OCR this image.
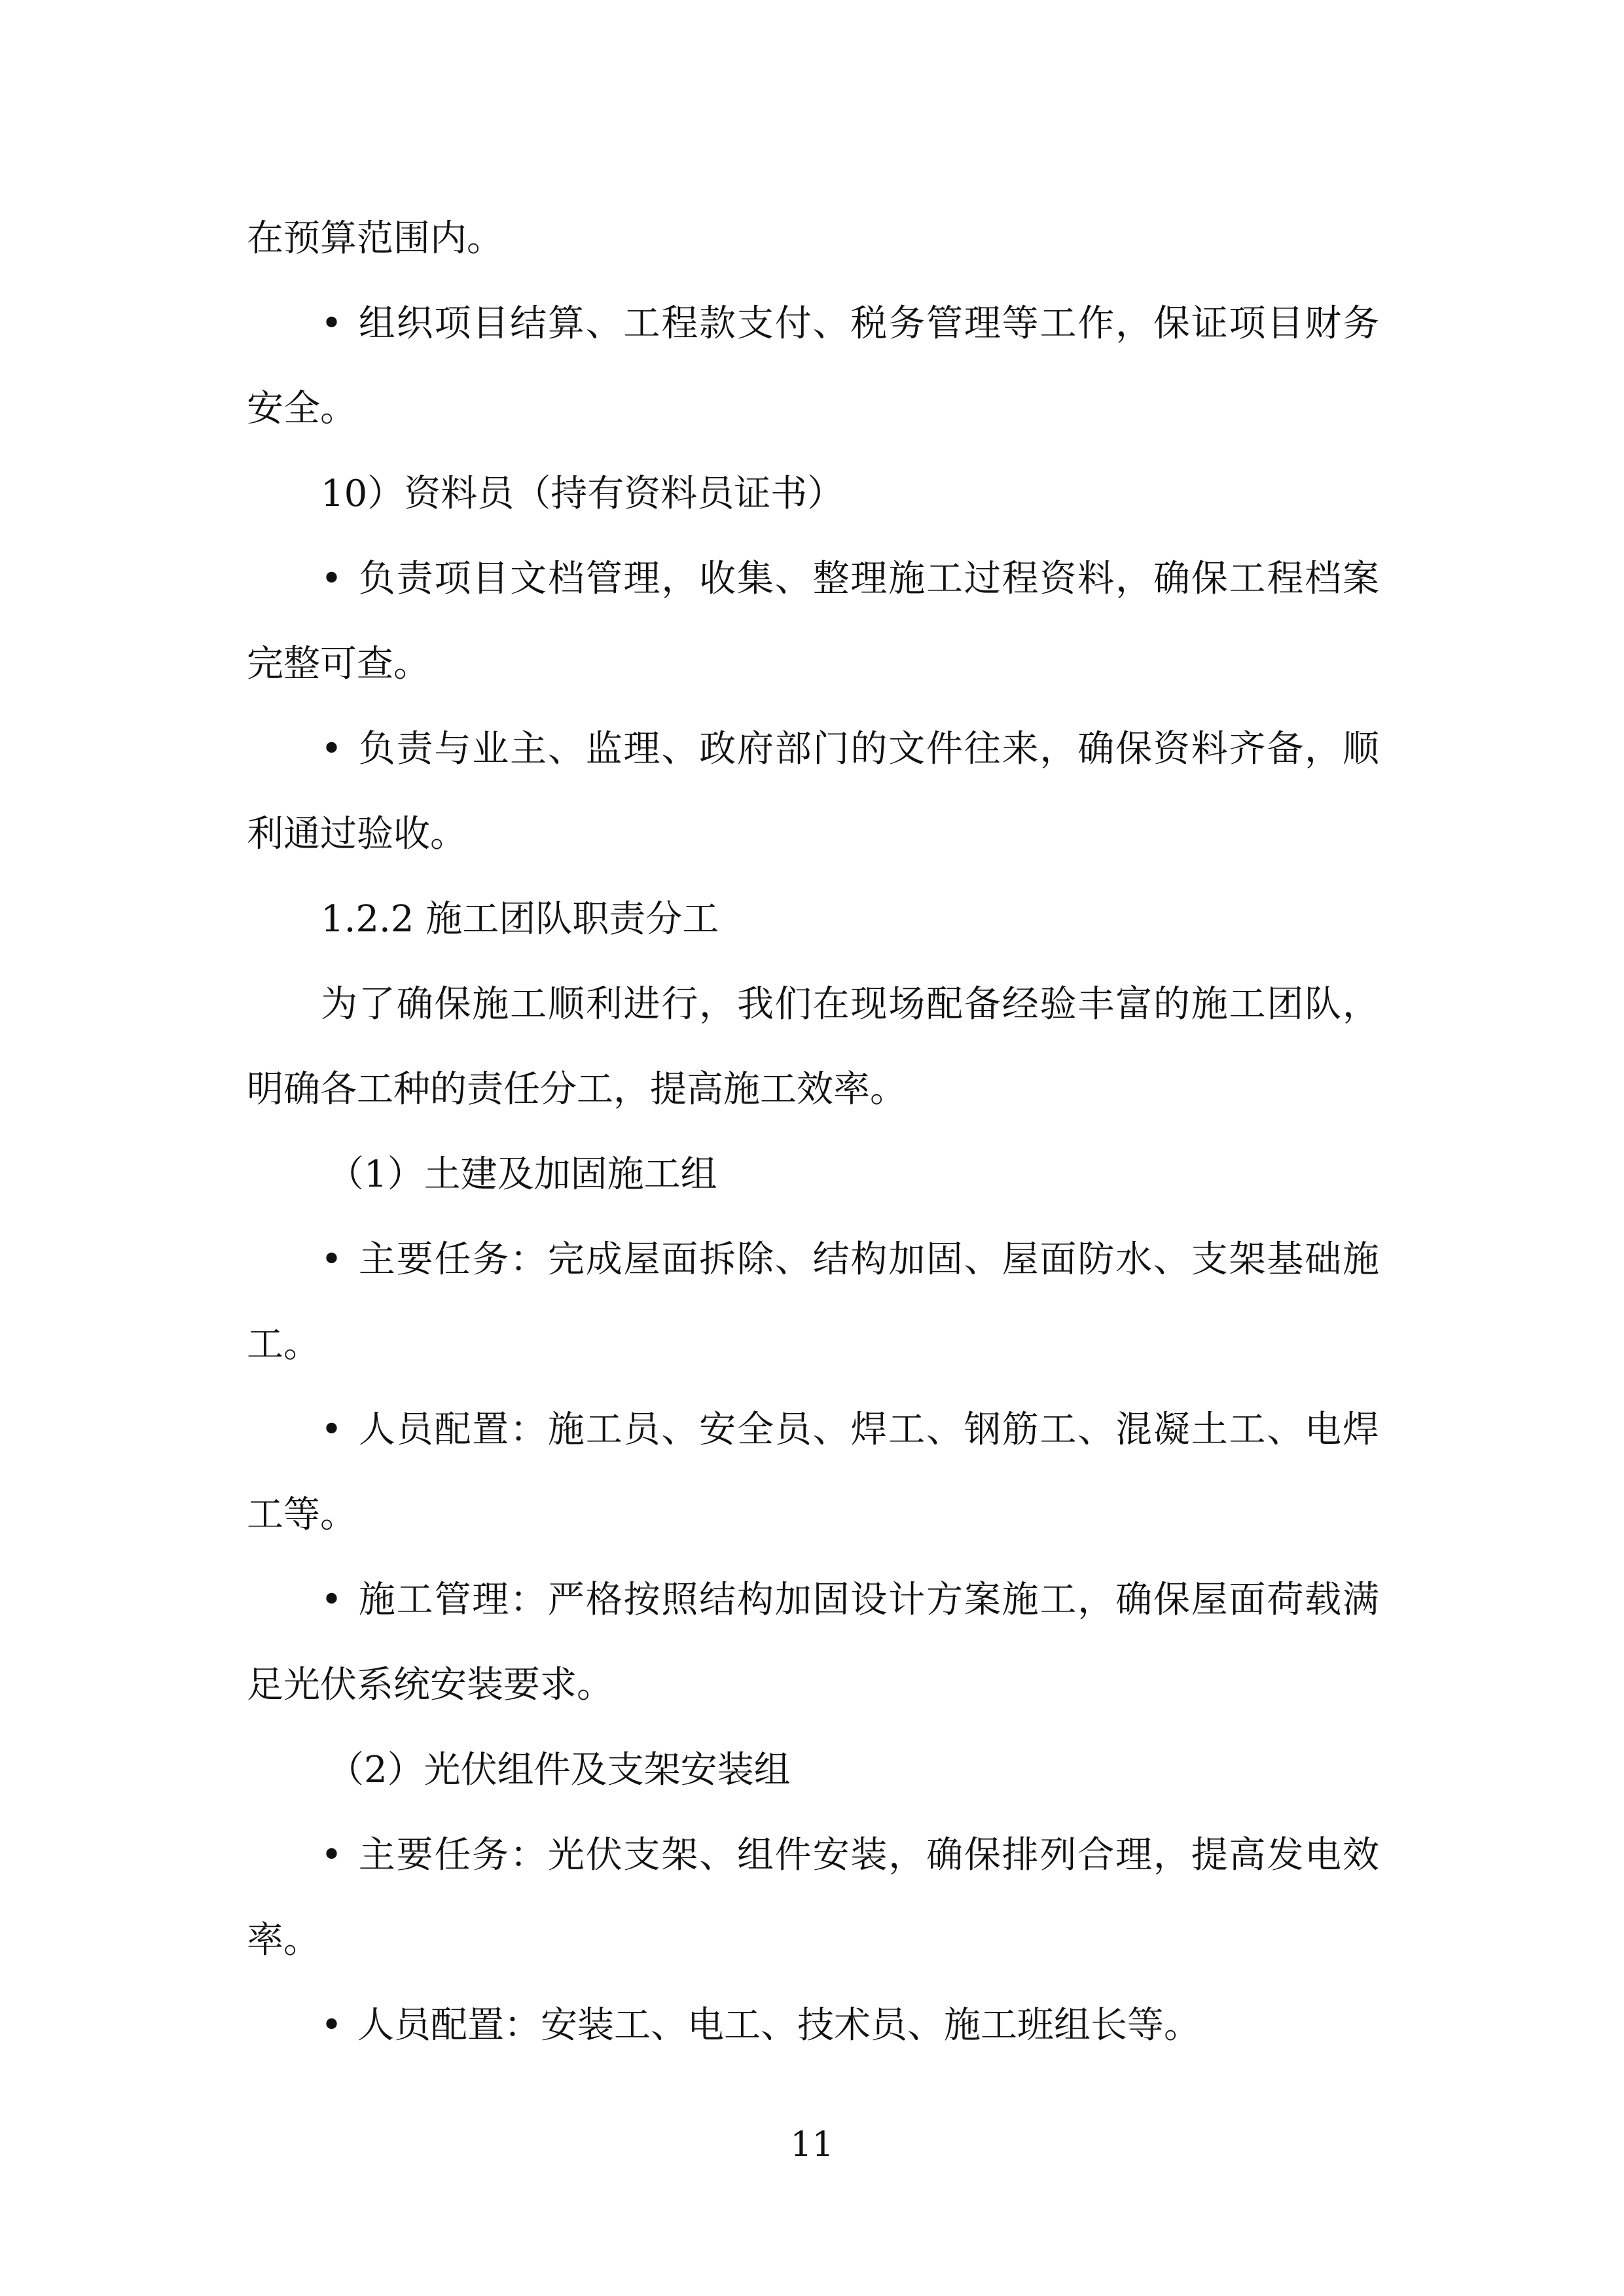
在预算范围内。
• 组织项目结算、工程款支付、税务管理等工作，保证项目财务
安全。
10）资料员（持有资料员证书）
• 负责项目文档管理，收集、整理施工过程资料，确保工程档案
完整可查。
• 负责与业主、监理、政府部门的文件往来，确保资料齐备，顺
利通过验收。
1.2.2 施工团队职责分工
为了确保施工顺利进行，我们在现场配备经验丰富的施工团队，
明确各工种的责任分工，提高施工效率。
（1）土建及加固施工组
• 主要任务：完成屋面拆除、结构加固、屋面防水、支架基础施
工。
• 人员配置：施工员、安全员、焊工、钢筋工、混凝土工、电焊
工等。
• 施工管理：严格按照结构加固设计方案施工，确保屋面荷载满
足光伏系统安装要求。
（2）光伏组件及支架安装组
• 主要任务：光伏支架、组件安装，确保排列合理，提高发电效
率。
• 人员配置：安装工、电工、技术员、施工班组长等。
11
